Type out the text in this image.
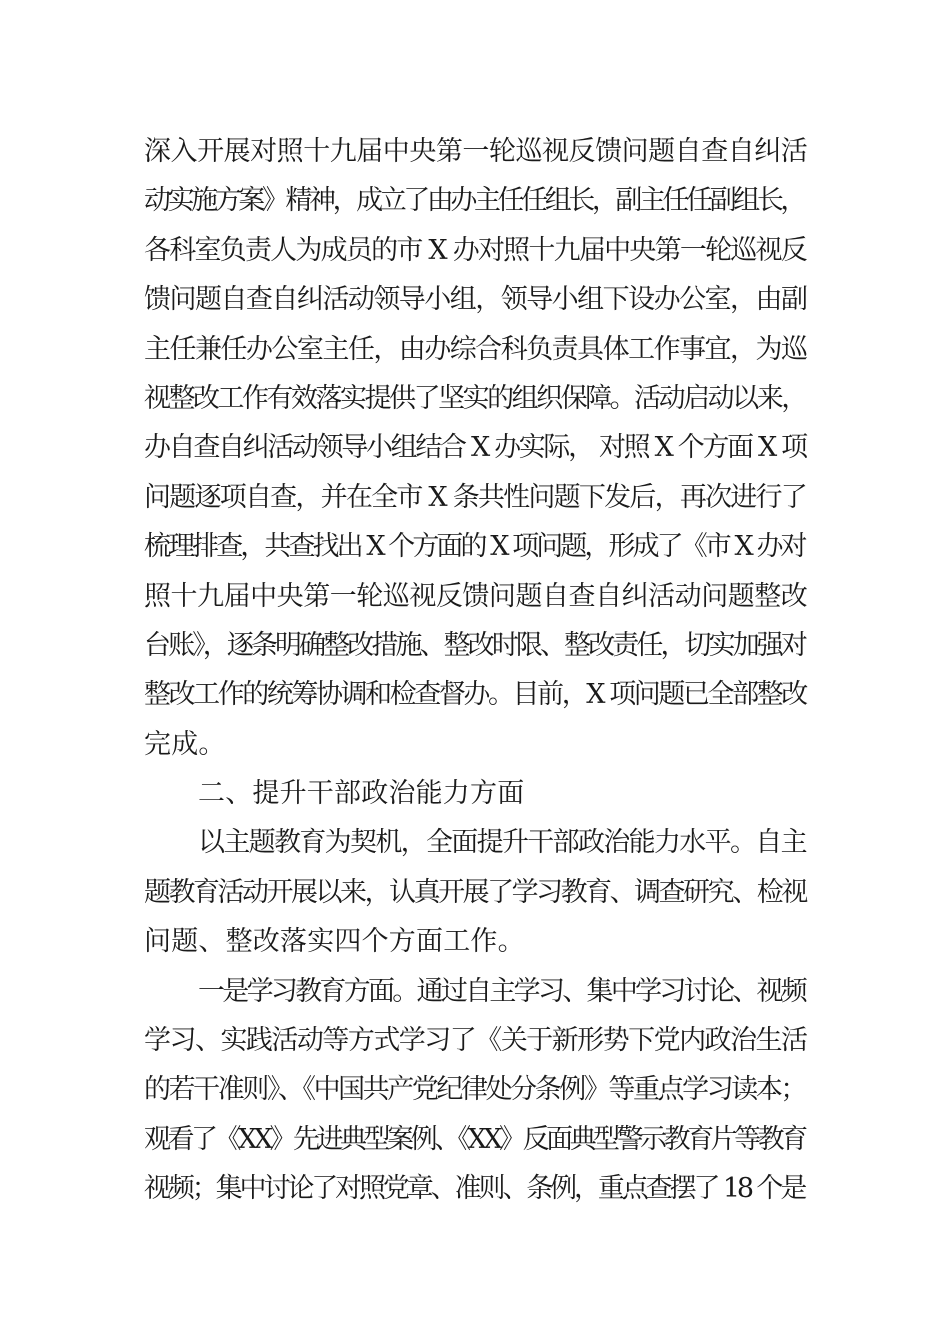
深入开展对照十九届中央第一轮巡视反馈问题自查自纠活
动实施方案》精神，成立了由办主任任组长，副主任任副组长，
各科室负责人为成员的市 X 办对照十九届中央第一轮巡视反
馈问题自查自纠活动领导小组，领导小组下设办公室，由副
主任兼任办公室主任，由办综合科负责具体工作事宜，为巡
视整改工作有效落实提供了坚实的组织保障。活动启动以来，
办自查自纠活动领导小组结合 X 办实际， 对照 X 个方面 X 项
问题逐项自查，并在全市 X 条共性问题下发后，再次进行了
梳理排查，共查找出 X 个方面的 X 项问题，形成了《市 X 办对
照十九届中央第一轮巡视反馈问题自查自纠活动问题整改
台账》，逐条明确整改措施、整改时限、整改责任，切实加强对
整改工作的统筹协调和检查督办。目前，X 项问题已全部整改
完成。
二、提升干部政治能力方面
以主题教育为契机，全面提升干部政治能力水平。自主
题教育活动开展以来，认真开展了学习教育、调查研究、检视
问题、整改落实四个方面工作。
一是学习教育方面。通过自主学习、集中学习讨论、视频
学习、实践活动等方式学习了《关于新形势下党内政治生活
的若干准则》、《中国共产党纪律处分条例》等重点学习读本；
观看了《XX》先进典型案例、《XX》反面典型警示教育片等教育
视频；集中讨论了对照党章、准则、条例，重点查摆了 18 个是
